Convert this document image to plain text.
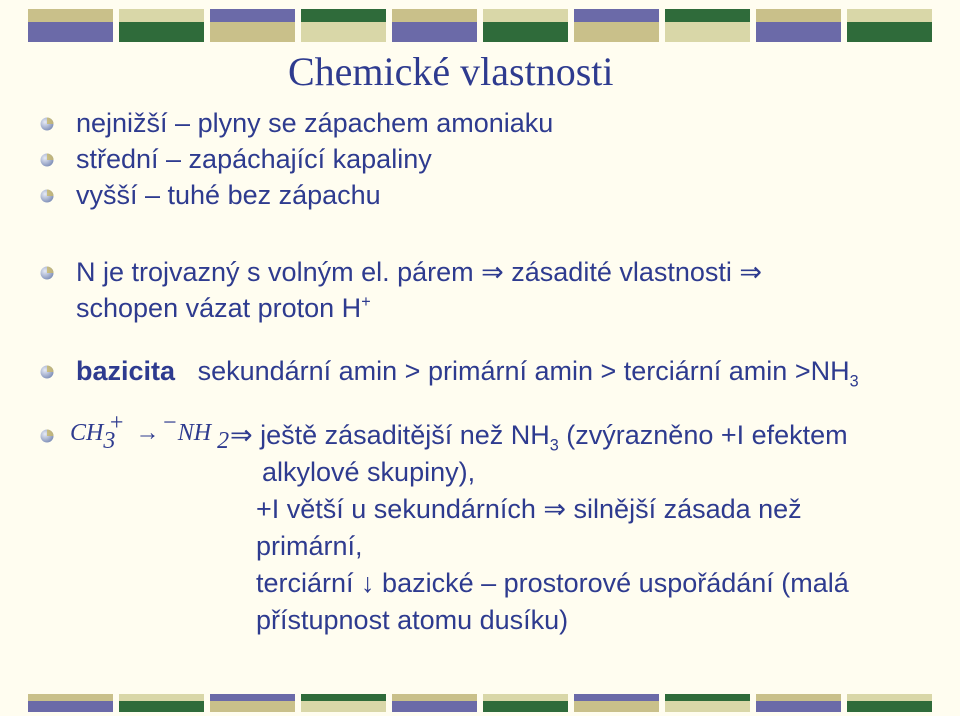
Chemické vlastnosti
nejnižší – plyny se zápachem amoniaku
střední – zapáchající kapaliny
vyšší – tuhé bez zápachu
N je trojvazný s volným el. párem ⇒ zásadité vlastnosti ⇒
schopen vázat proton H+
bazicita sekundární amin > primární amin > terciární $amin >NH_3$
CH3+ →−NH 2 ⇒ ještě zásaditější než $NH_3$ (zvýrazněno +I efektem
alkylové skupiny),
+I větší u sekundárních ⇒ silnější zásada než
primární,
terciární ↓ bazické – prostorové uspořádání (malá
přístupnost atomu dusíku)
